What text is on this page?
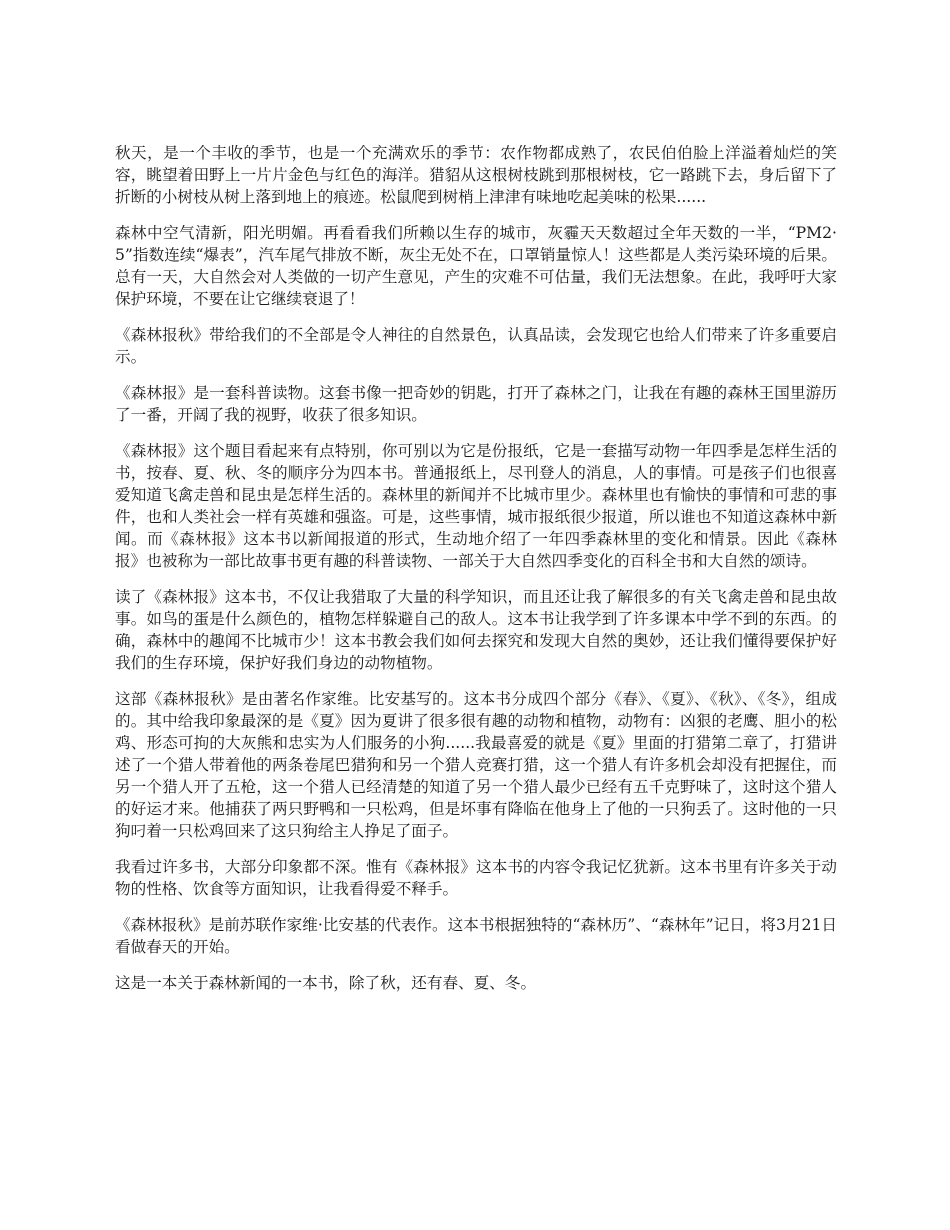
秋天，是一个丰收的季节，也是一个充满欢乐的季节：农作物都成熟了，农民伯伯脸上洋溢着灿烂的笑容，眺望着田野上一片片金色与红色的海洋。猎貂从这根树枝跳到那根树枝，它一路跳下去，身后留下了折断的小树枝从树上落到地上的痕迹。松鼠爬到树梢上津津有味地吃起美味的松果......

森林中空气清新，阳光明媚。再看看我们所赖以生存的城市，灰霾天天数超过全年天数的一半，“PM2·5”指数连续“爆表”，汽车尾气排放不断，灰尘无处不在，口罩销量惊人！这些都是人类污染环境的后果。总有一天，大自然会对人类做的一切产生意见，产生的灾难不可估量，我们无法想象。在此，我呼吁大家保护环境，不要在让它继续衰退了！

《森林报秋》带给我们的不全部是令人神往的自然景色，认真品读，会发现它也给人们带来了许多重要启示。

《森林报》是一套科普读物。这套书像一把奇妙的钥匙，打开了森林之门，让我在有趣的森林王国里游历了一番，开阔了我的视野，收获了很多知识。

《森林报》这个题目看起来有点特别，你可别以为它是份报纸，它是一套描写动物一年四季是怎样生活的书，按春、夏、秋、冬的顺序分为四本书。普通报纸上，尽刊登人的消息，人的事情。可是孩子们也很喜爱知道飞禽走兽和昆虫是怎样生活的。森林里的新闻并不比城市里少。森林里也有愉快的事情和可悲的事件，也和人类社会一样有英雄和强盗。可是，这些事情，城市报纸很少报道，所以谁也不知道这森林中新闻。而《森林报》这本书以新闻报道的形式，生动地介绍了一年四季森林里的变化和情景。因此《森林报》也被称为一部比故事书更有趣的科普读物、一部关于大自然四季变化的百科全书和大自然的颂诗。

读了《森林报》这本书，不仅让我猎取了大量的科学知识，而且还让我了解很多的有关飞禽走兽和昆虫故事。如鸟的蛋是什么颜色的，植物怎样躲避自己的敌人。这本书让我学到了许多课本中学不到的东西。的确，森林中的趣闻不比城市少！这本书教会我们如何去探究和发现大自然的奥妙，还让我们懂得要保护好我们的生存环境，保护好我们身边的动物植物。

这部《森林报秋》是由著名作家维。比安基写的。这本书分成四个部分《春》、《夏》、《秋》、《冬》，组成的。其中给我印象最深的是《夏》因为夏讲了很多很有趣的动物和植物，动物有：凶狠的老鹰、胆小的松鸡、形态可拘的大灰熊和忠实为人们服务的小狗......我最喜爱的就是《夏》里面的打猎第二章了，打猎讲述了一个猎人带着他的两条卷尾巴猎狗和另一个猎人竞赛打猎，这一个猎人有许多机会却没有把握住，而另一个猎人开了五枪，这一个猎人已经清楚的知道了另一个猎人最少已经有五千克野味了，这时这个猎人的好运才来。他捕获了两只野鸭和一只松鸡，但是坏事有降临在他身上了他的一只狗丢了。这时他的一只狗叼着一只松鸡回来了这只狗给主人挣足了面子。

我看过许多书，大部分印象都不深。惟有《森林报》这本书的内容令我记忆犹新。这本书里有许多关于动物的性格、饮食等方面知识，让我看得爱不释手。

《森林报秋》是前苏联作家维·比安基的代表作。这本书根据独特的“森林历”、“森林年”记日，将3月21日看做春天的开始。

这是一本关于森林新闻的一本书，除了秋，还有春、夏、冬。
